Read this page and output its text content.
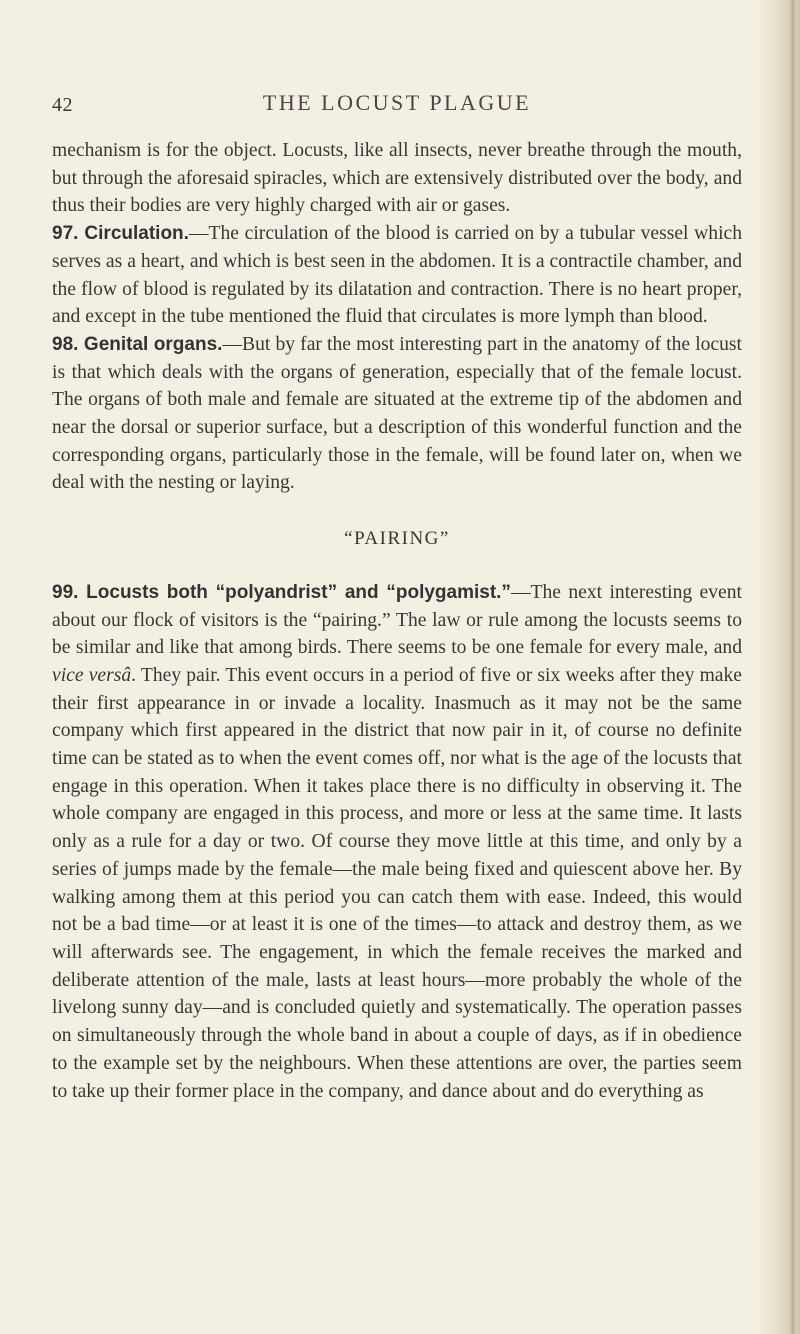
42	THE LOCUST PLAGUE

mechanism is for the object. Locusts, like all insects, never breathe through the mouth, but through the aforesaid spiracles, which are extensively distributed over the body, and thus their bodies are very highly charged with air or gases.

97. Circulation.—The circulation of the blood is carried on by a tubular vessel which serves as a heart, and which is best seen in the abdomen. It is a contractile chamber, and the flow of blood is regulated by its dilatation and contraction. There is no heart proper, and except in the tube mentioned the fluid that circulates is more lymph than blood.

98. Genital organs.—But by far the most interesting part in the anatomy of the locust is that which deals with the organs of generation, especially that of the female locust. The organs of both male and female are situated at the extreme tip of the abdomen and near the dorsal or superior surface, but a description of this wonderful function and the corresponding organs, particularly those in the female, will be found later on, when we deal with the nesting or laying.

“PAIRING”

99. Locusts both “polyandrist” and “polygamist.”—The next interesting event about our flock of visitors is the “pairing.” The law or rule among the locusts seems to be similar and like that among birds. There seems to be one female for every male, and vice versâ. They pair. This event occurs in a period of five or six weeks after they make their first appearance in or invade a locality. Inasmuch as it may not be the same company which first appeared in the district that now pair in it, of course no definite time can be stated as to when the event comes off, nor what is the age of the locusts that engage in this operation. When it takes place there is no difficulty in observing it. The whole company are engaged in this process, and more or less at the same time. It lasts only as a rule for a day or two. Of course they move little at this time, and only by a series of jumps made by the female—the male being fixed and quiescent above her. By walking among them at this period you can catch them with ease. Indeed, this would not be a bad time—or at least it is one of the times—to attack and destroy them, as we will afterwards see. The engagement, in which the female receives the marked and deliberate attention of the male, lasts at least hours—more probably the whole of the livelong sunny day—and is concluded quietly and systematically. The operation passes on simultaneously through the whole band in about a couple of days, as if in obedience to the example set by the neighbours. When these attentions are over, the parties seem to take up their former place in the company, and dance about and do everything as
